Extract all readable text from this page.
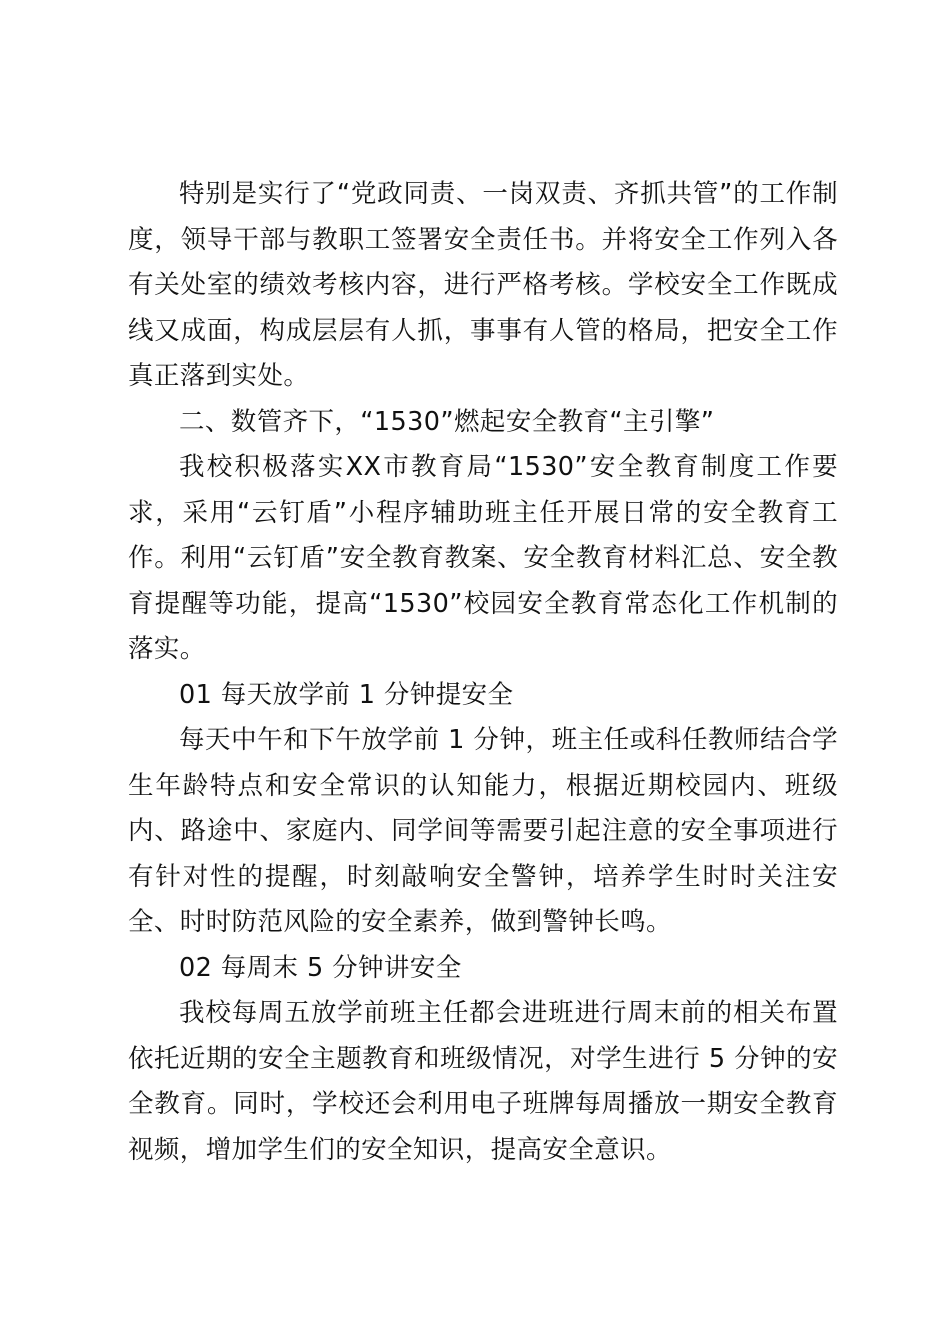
特别是实行了“党政同责、一岗双责、齐抓共管”的工作制度，领导干部与教职工签署安全责任书。并将安全工作列入各有关处室的绩效考核内容，进行严格考核。学校安全工作既成线又成面，构成层层有人抓，事事有人管的格局，把安全工作真正落到实处。

二、数管齐下，“1530”燃起安全教育“主引擎”

我校积极落实XX市教育局“1530”安全教育制度工作要求，采用“云钉盾”小程序辅助班主任开展日常的安全教育工作。利用“云钉盾”安全教育教案、安全教育材料汇总、安全教育提醒等功能，提高“1530”校园安全教育常态化工作机制的落实。

01 每天放学前 1 分钟提安全

每天中午和下午放学前 1 分钟，班主任或科任教师结合学生年龄特点和安全常识的认知能力，根据近期校园内、班级内、路途中、家庭内、同学间等需要引起注意的安全事项进行有针对性的提醒，时刻敲响安全警钟，培养学生时时关注安全、时时防范风险的安全素养，做到警钟长鸣。

02 每周末 5 分钟讲安全

我校每周五放学前班主任都会进班进行周末前的相关布置依托近期的安全主题教育和班级情况，对学生进行 5 分钟的安全教育。同时，学校还会利用电子班牌每周播放一期安全教育视频，增加学生们的安全知识，提高安全意识。
